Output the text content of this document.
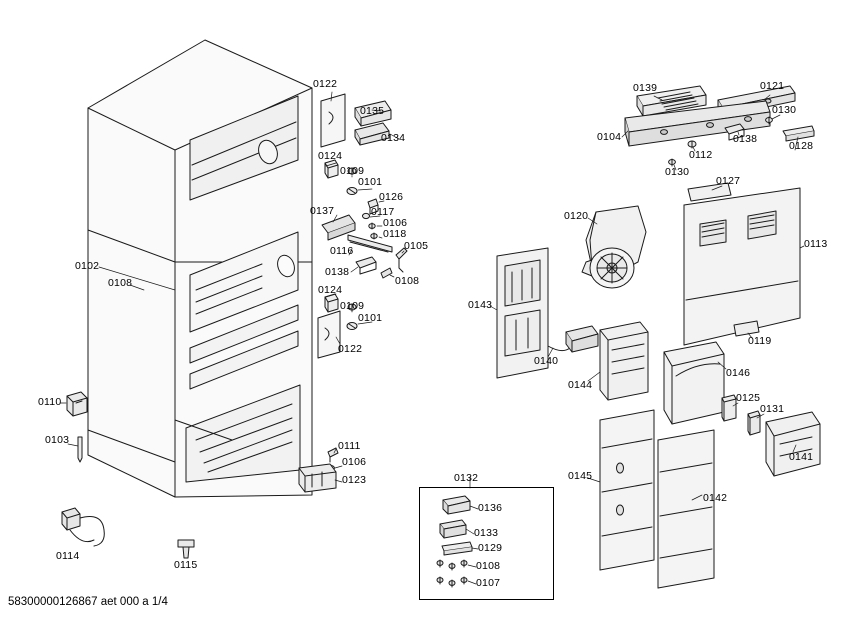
0122
0135
0134
0124
0109
0101
0126
0137	0117
0106
0118
0116	0105
0138
0108
0102
0108
0124
0109
0101
0122
0110
0103	0111
0106
0123
0114
0115
0132
0136
0133
0129
0108
0107
0139	0121
0130
0104	0138
0128
0112
0130
0127
0120
0113
0143
0119
0140
0144
0146
0125
0131
0141
0145
0142
58300000126867 aet 000 a 1/4
